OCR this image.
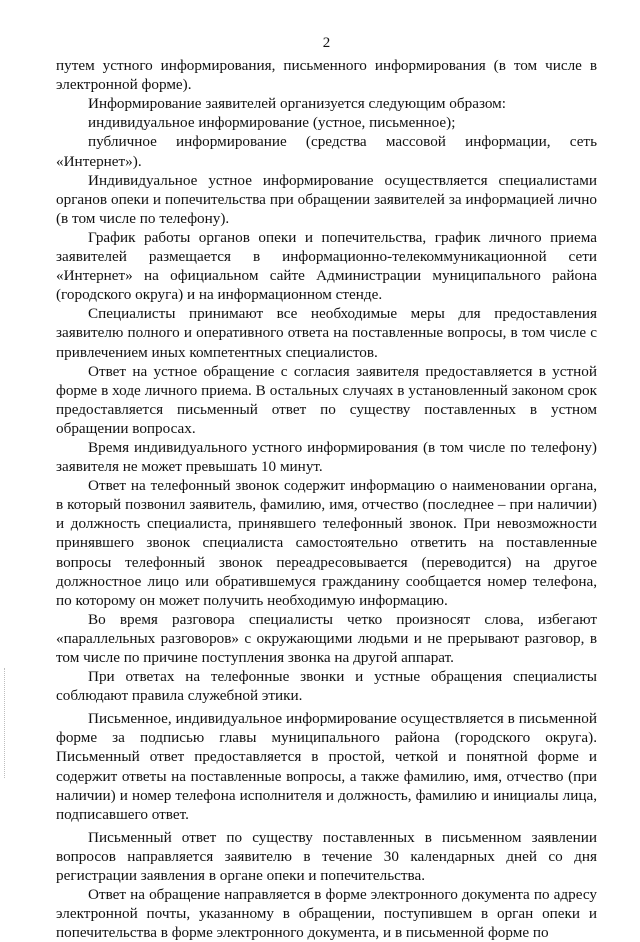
2

путем устного информирования, письменного информирования (в том числе в электронной форме).

Информирование заявителей организуется следующим образом:

индивидуальное информирование (устное, письменное);

публичное информирование (средства массовой информации, сеть «Интернет»).

Индивидуальное устное информирование осуществляется специалистами органов опеки и попечительства при обращении заявителей за информацией лично (в том числе по телефону).

График работы органов опеки и попечительства, график личного приема заявителей размещается в информационно-телекоммуникационной сети «Интернет» на официальном сайте Администрации муниципального района (городского округа) и на информационном стенде.

Специалисты принимают все необходимые меры для предоставления заявителю полного и оперативного ответа на поставленные вопросы, в том числе с привлечением иных компетентных специалистов.

Ответ на устное обращение с согласия заявителя предоставляется в устной форме в ходе личного приема. В остальных случаях в установленный законом срок предоставляется письменный ответ по существу поставленных в устном обращении вопросах.

Время индивидуального устного информирования (в том числе по телефону) заявителя не может превышать 10 минут.

Ответ на телефонный звонок содержит информацию о наименовании органа, в который позвонил заявитель, фамилию, имя, отчество (последнее – при наличии) и должность специалиста, принявшего телефонный звонок. При невозможности принявшего звонок специалиста самостоятельно ответить на поставленные вопросы телефонный звонок переадресовывается (переводится) на другое должностное лицо или обратившемуся гражданину сообщается номер телефона, по которому он может получить необходимую информацию.

Во время разговора специалисты четко произносят слова, избегают «параллельных разговоров» с окружающими людьми и не прерывают разговор, в том числе по причине поступления звонка на другой аппарат.

При ответах на телефонные звонки и устные обращения специалисты соблюдают правила служебной этики.

Письменное, индивидуальное информирование осуществляется в письменной форме за подписью главы муниципального района (городского округа). Письменный ответ предоставляется в простой, четкой и понятной форме и содержит ответы на поставленные вопросы, а также фамилию, имя, отчество (при наличии) и номер телефона исполнителя и должность, фамилию и инициалы лица, подписавшего ответ.

Письменный ответ по существу поставленных в письменном заявлении вопросов направляется заявителю в течение 30 календарных дней со дня регистрации заявления в органе опеки и попечительства.

Ответ на обращение направляется в форме электронного документа по адресу электронной почты, указанному в обращении, поступившем в орган опеки и попечительства в форме электронного документа, и в письменной форме по
